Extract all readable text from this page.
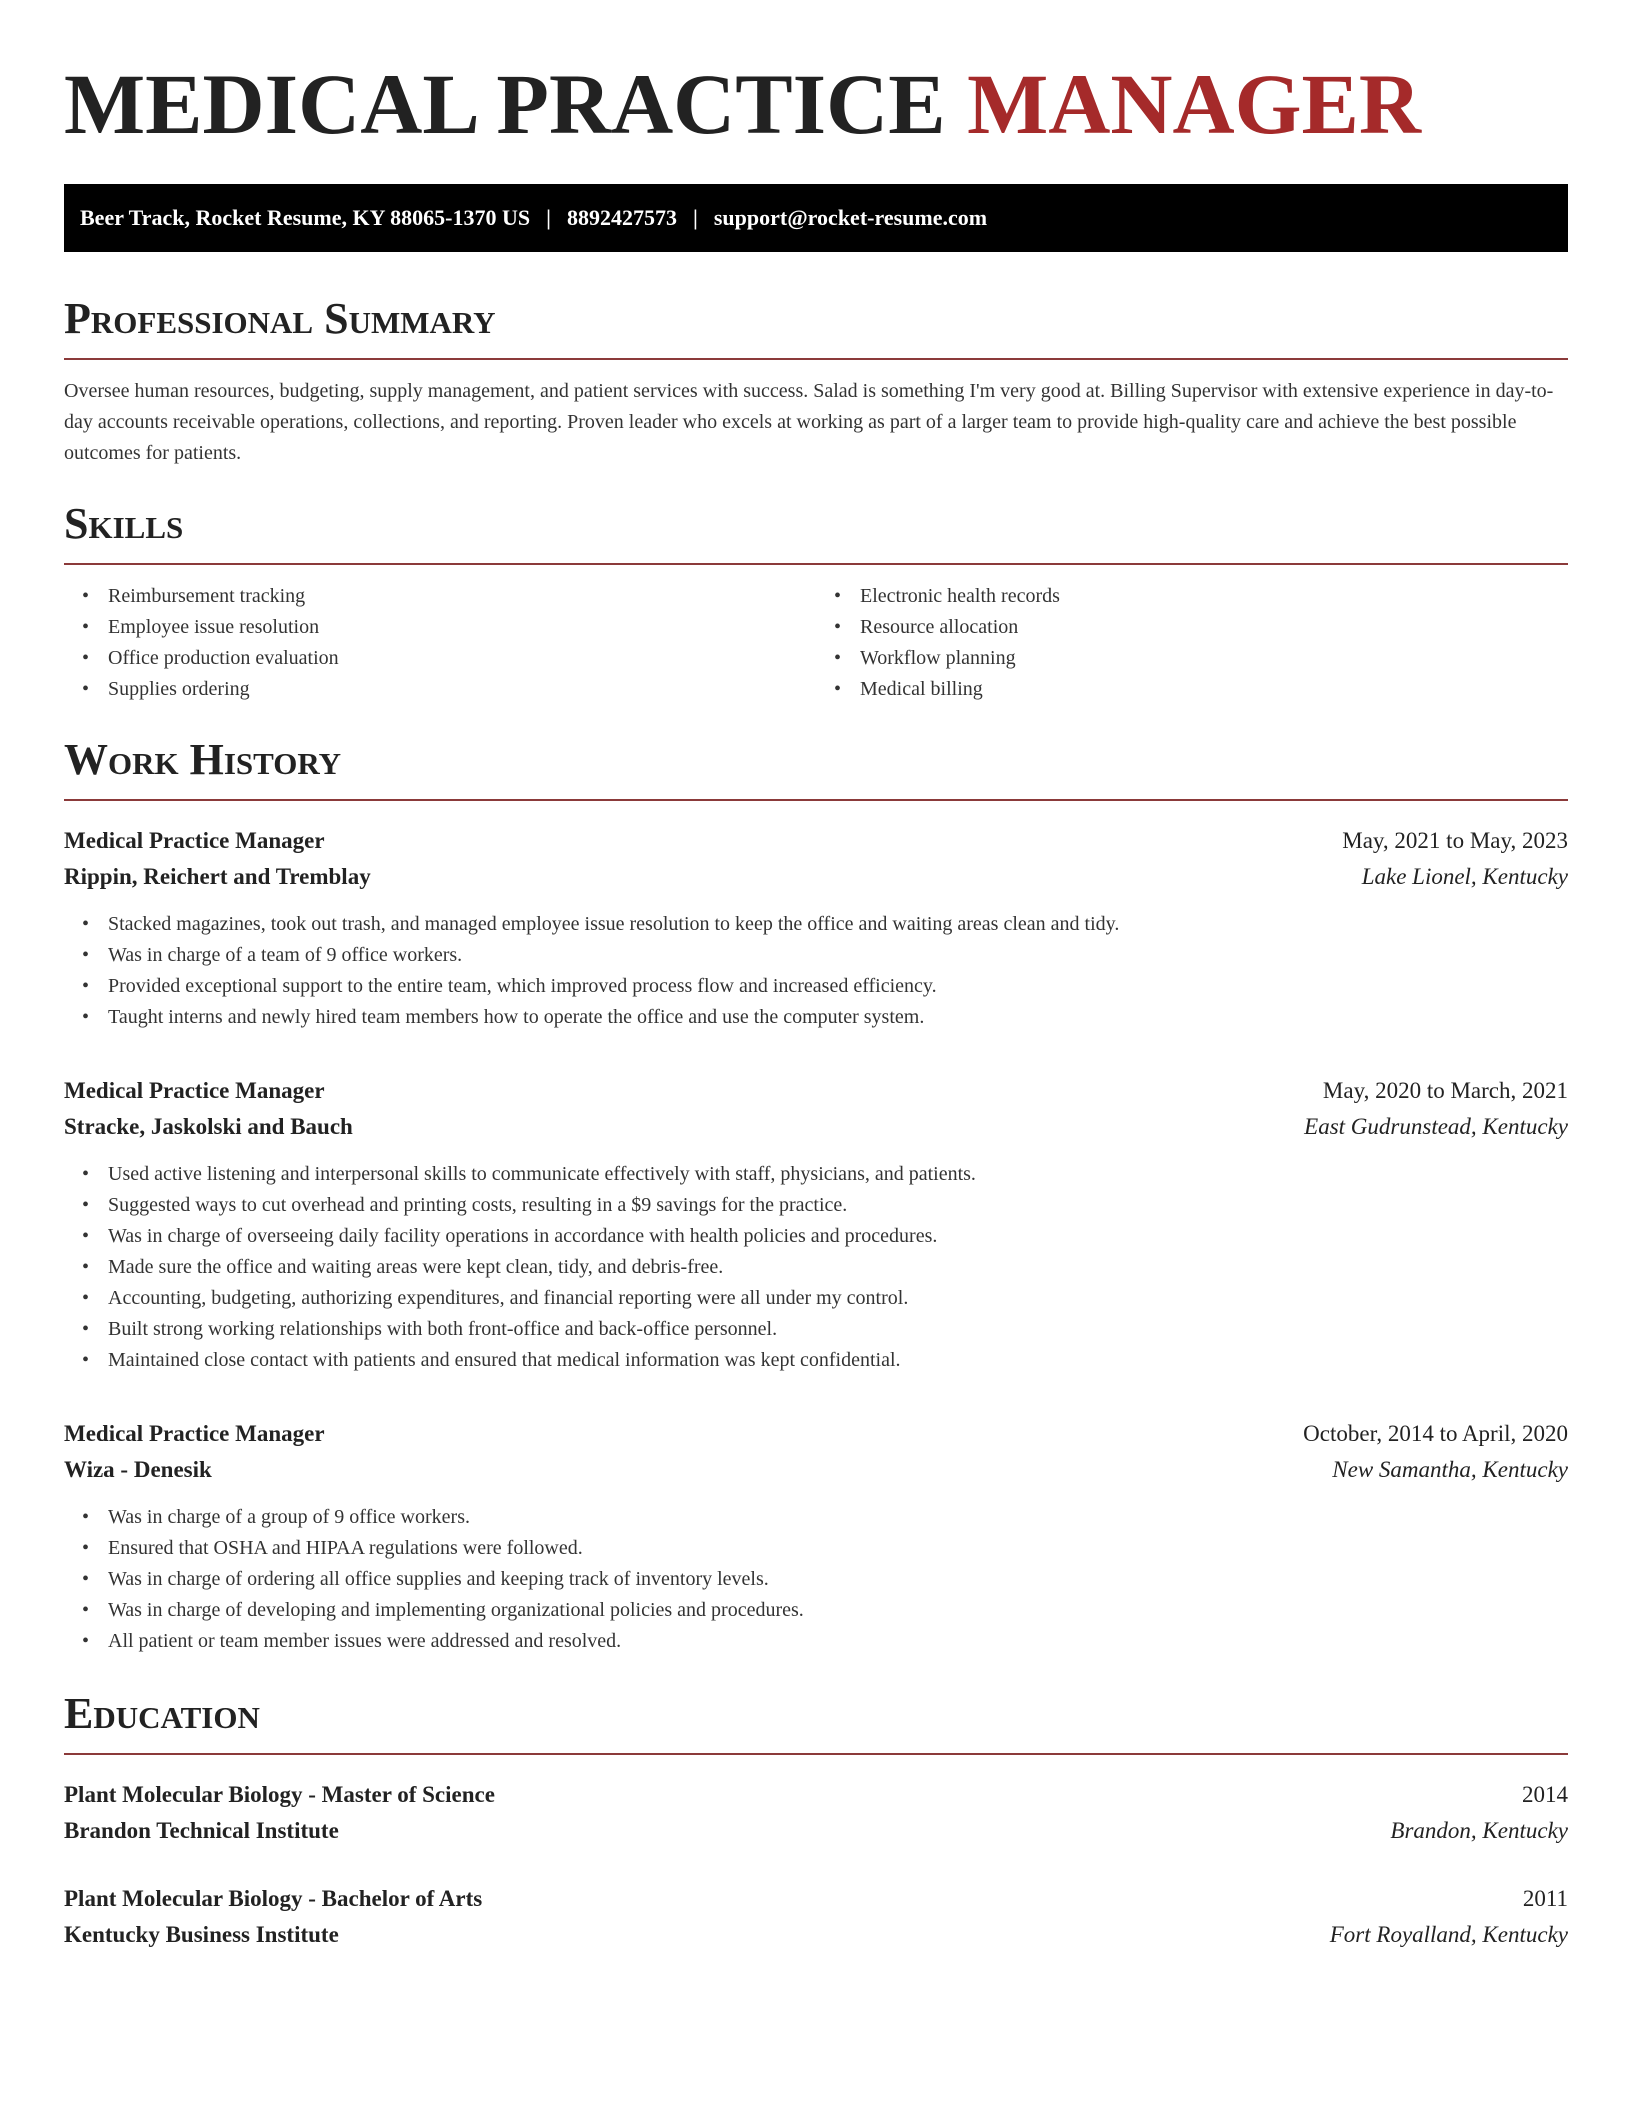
MEDICAL PRACTICE MANAGER
Beer Track, Rocket Resume, KY 88065-1370 US | 8892427573 | support@rocket-resume.com
Professional Summary

Oversee human resources, budgeting, supply management, and patient services with success. Salad is something I'm very good at. Billing Supervisor with extensive experience in day-to-day accounts receivable operations, collections, and reporting. Proven leader who excels at working as part of a larger team to provide high-quality care and achieve the best possible outcomes for patients.

Skills
• Reimbursement tracking
• Employee issue resolution
• Office production evaluation
• Supplies ordering
• Electronic health records
• Resource allocation
• Workflow planning
• Medical billing
Work History
Medical Practice Manager	May, 2021 to May, 2023
Rippin, Reichert and Tremblay	Lake Lionel, Kentucky
• Stacked magazines, took out trash, and managed employee issue resolution to keep the office and waiting areas clean and tidy.
• Was in charge of a team of 9 office workers.
• Provided exceptional support to the entire team, which improved process flow and increased efficiency.
• Taught interns and newly hired team members how to operate the office and use the computer system.
Medical Practice Manager	May, 2020 to March, 2021
Stracke, Jaskolski and Bauch	East Gudrunstead, Kentucky
• Used active listening and interpersonal skills to communicate effectively with staff, physicians, and patients.
• Suggested ways to cut overhead and printing costs, resulting in a $9 savings for the practice.
• Was in charge of overseeing daily facility operations in accordance with health policies and procedures.
• Made sure the office and waiting areas were kept clean, tidy, and debris-free.
• Accounting, budgeting, authorizing expenditures, and financial reporting were all under my control.
• Built strong working relationships with both front-office and back-office personnel.
• Maintained close contact with patients and ensured that medical information was kept confidential.
Medical Practice Manager	October, 2014 to April, 2020
Wiza - Denesik	New Samantha, Kentucky
• Was in charge of a group of 9 office workers.
• Ensured that OSHA and HIPAA regulations were followed.
• Was in charge of ordering all office supplies and keeping track of inventory levels.
• Was in charge of developing and implementing organizational policies and procedures.
• All patient or team member issues were addressed and resolved.
Education
Plant Molecular Biology - Master of Science	2014
Brandon Technical Institute	Brandon, Kentucky
Plant Molecular Biology - Bachelor of Arts	2011
Kentucky Business Institute	Fort Royalland, Kentucky
